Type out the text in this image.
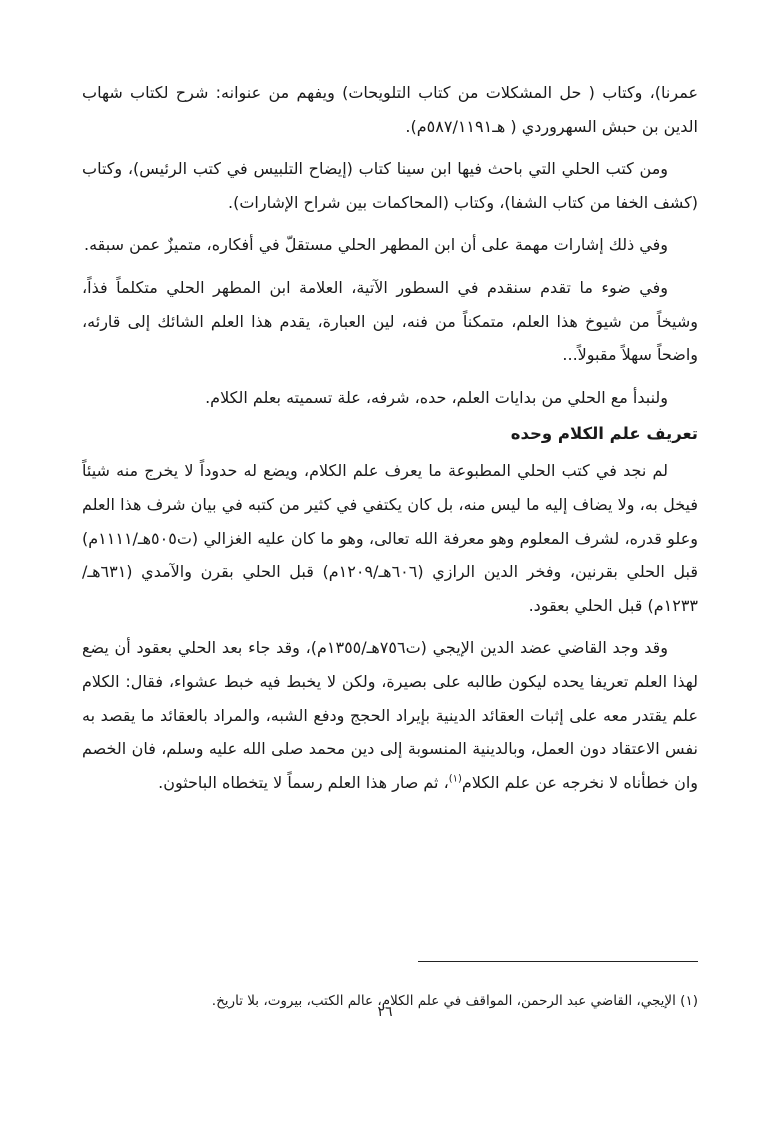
عمرنا)، وكتاب ( حل المشكلات من كتاب التلويحات) ويفهم من عنوانه: شرح لكتاب شهاب الدين بن حبش السهروردي ( هـ٥٨٧/١١٩١م).

ومن كتب الحلي التي باحث فيها ابن سينا كتاب (إيضاح التلبيس في كتب الرئيس)، وكتاب (كشف الخفا من كتاب الشفا)، وكتاب (المحاكمات بين شراح الإشارات).

وفي ذلك إشارات مهمة على أن ابن المطهر الحلي مستقلّ في أفكاره، متميزٌ عمن سبقه.

وفي ضوء ما تقدم سنقدم في السطور الآتية، العلامة ابن المطهر الحلي متكلماً فذاً، وشيخاً من شيوخ هذا العلم، متمكناً من فنه، لين العبارة، يقدم هذا العلم الشائك إلى قارئه، واضحاً سهلاً مقبولاً...

ولنبدأ مع الحلي من بدايات العلم، حده، شرفه، علة تسميته بعلم الكلام.

تعريف علم الكلام وحده

لم نجد في كتب الحلي المطبوعة ما يعرف علم الكلام، ويضع له حدوداً لا يخرج منه شيئاً فيخل به، ولا يضاف إليه ما ليس منه، بل كان يكتفي في كثير من كتبه في بيان شرف هذا العلم وعلو قدره، لشرف المعلوم وهو معرفة الله تعالى، وهو ما كان عليه الغزالي (ت٥٠٥هـ/١١١١م) قبل الحلي بقرنين، وفخر الدين الرازي (٦٠٦هـ/١٢٠٩م) قبل الحلي بقرن والآمدي (٦٣١هـ/١٢٣٣م) قبل الحلي بعقود.

وقد وجد القاضي عضد الدين الإيجي (ت٧٥٦هـ/١٣٥٥م)، وقد جاء بعد الحلي بعقود أن يضع لهذا العلم تعريفا يحده ليكون طالبه على بصيرة، ولكن لا يخبط فيه خبط عشواء، فقال: الكلام علم يقتدر معه على إثبات العقائد الدينية بإيراد الحجج ودفع الشبه، والمراد بالعقائد ما يقصد به نفس الاعتقاد دون العمل، وبالدينية المنسوبة إلى دين محمد صلى الله عليه وسلم، فان الخصم وان خطأناه لا نخرجه عن علم الكلام$^{(١)}$، ثم صار هذا العلم رسماً لا يتخطاه الباحثون.

(١) الإيجي، القاضي عبد الرحمن، المواقف في علم الكلام، عالم الكتب، بيروت، بلا تاريخ.

٢٦
